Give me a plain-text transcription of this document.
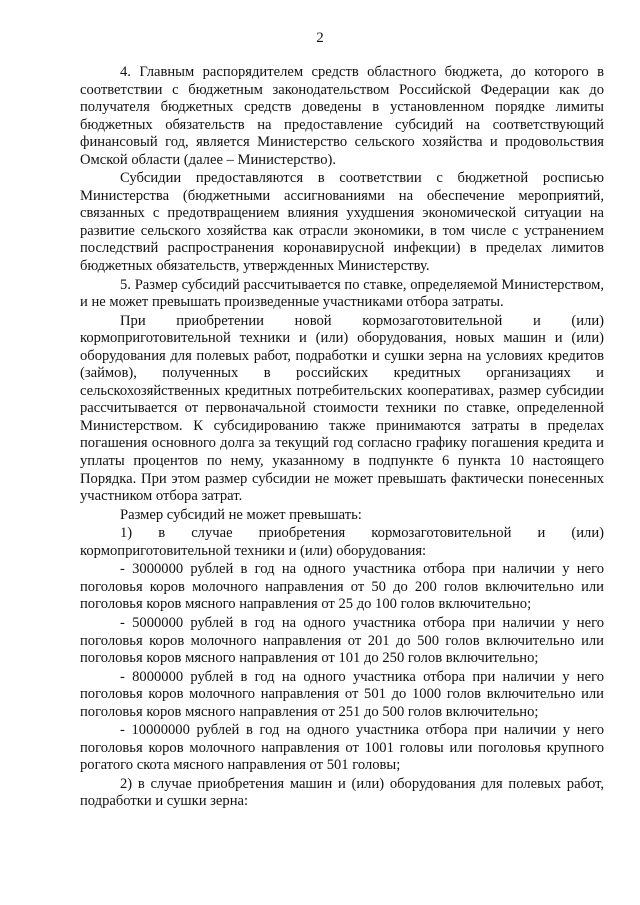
2

4. Главным распорядителем средств областного бюджета, до которого в соответствии с бюджетным законодательством Российской Федерации как до получателя бюджетных средств доведены в установленном порядке лимиты бюджетных обязательств на предоставление субсидий на соответствующий финансовый год, является Министерство сельского хозяйства и продовольствия Омской области (далее – Министерство).

Субсидии предоставляются в соответствии с бюджетной росписью Министерства (бюджетными ассигнованиями на обеспечение мероприятий, связанных с предотвращением влияния ухудшения экономической ситуации на развитие сельского хозяйства как отрасли экономики, в том числе с устранением последствий распространения коронавирусной инфекции) в пределах лимитов бюджетных обязательств, утвержденных Министерству.

5. Размер субсидий рассчитывается по ставке, определяемой Министерством, и не может превышать произведенные участниками отбора затраты.

При приобретении новой кормозаготовительной и (или) кормоприготовительной техники и (или) оборудования, новых машин и (или) оборудования для полевых работ, подработки и сушки зерна на условиях кредитов (займов), полученных в российских кредитных организациях и сельскохозяйственных кредитных потребительских кооперативах, размер субсидии рассчитывается от первоначальной стоимости техники по ставке, определенной Министерством. К субсидированию также принимаются затраты в пределах погашения основного долга за текущий год согласно графику погашения кредита и уплаты процентов по нему, указанному в подпункте 6 пункта 10 настоящего Порядка. При этом размер субсидии не может превышать фактически понесенных участником отбора затрат.

Размер субсидий не может превышать:

1) в случае приобретения кормозаготовительной и (или) кормоприготовительной техники и (или) оборудования:

- 3000000 рублей в год на одного участника отбора при наличии у него поголовья коров молочного направления от 50 до 200 голов включительно или поголовья коров мясного направления от 25 до 100 голов включительно;

- 5000000 рублей в год на одного участника отбора при наличии у него поголовья коров молочного направления от 201 до 500 голов включительно или поголовья коров мясного направления от 101 до 250 голов включительно;

- 8000000 рублей в год на одного участника отбора при наличии у него поголовья коров молочного направления от 501 до 1000 голов включительно или поголовья коров мясного направления от 251 до 500 голов включительно;

- 10000000 рублей в год на одного участника отбора при наличии у него поголовья коров молочного направления от 1001 головы или поголовья крупного рогатого скота мясного направления от 501 головы;

2) в случае приобретения машин и (или) оборудования для полевых работ, подработки и сушки зерна:
